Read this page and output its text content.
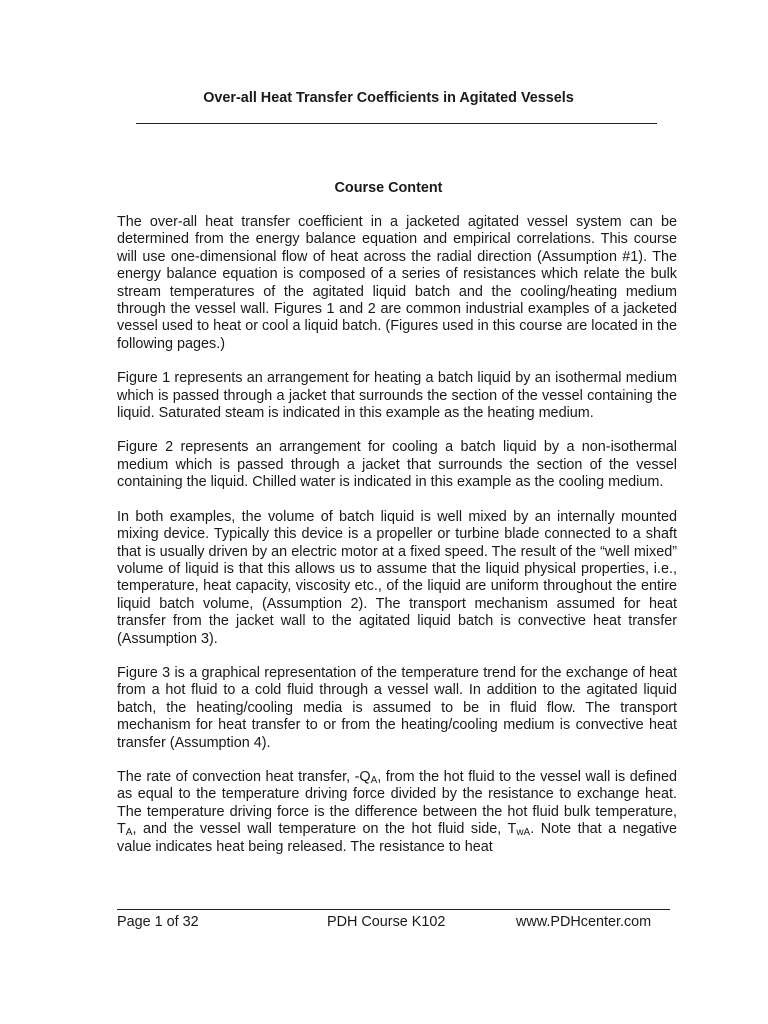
Over-all Heat Transfer Coefficients in Agitated Vessels
Course Content

The over-all heat transfer coefficient in a jacketed agitated vessel system can be determined from the energy balance equation and empirical correlations. This course will use one-dimensional flow of heat across the radial direction (Assumption #1). The energy balance equation is composed of a series of resistances which relate the bulk stream temperatures of the agitated liquid batch and the cooling/heating medium through the vessel wall. Figures 1 and 2 are common industrial examples of a jacketed vessel used to heat or cool a liquid batch. (Figures used in this course are located in the following pages.)

Figure 1 represents an arrangement for heating a batch liquid by an isothermal medium which is passed through a jacket that surrounds the section of the vessel containing the liquid. Saturated steam is indicated in this example as the heating medium.

Figure 2 represents an arrangement for cooling a batch liquid by a non-isothermal medium which is passed through a jacket that surrounds the section of the vessel containing the liquid. Chilled water is indicated in this example as the cooling medium.

In both examples, the volume of batch liquid is well mixed by an internally mounted mixing device. Typically this device is a propeller or turbine blade connected to a shaft that is usually driven by an electric motor at a fixed speed. The result of the “well mixed” volume of liquid is that this allows us to assume that the liquid physical properties, i.e., temperature, heat capacity, viscosity etc., of the liquid are uniform throughout the entire liquid batch volume, (Assumption 2). The transport mechanism assumed for heat transfer from the jacket wall to the agitated liquid batch is convective heat transfer (Assumption 3).

Figure 3 is a graphical representation of the temperature trend for the exchange of heat from a hot fluid to a cold fluid through a vessel wall. In addition to the agitated liquid batch, the heating/cooling media is assumed to be in fluid flow. The transport mechanism for heat transfer to or from the heating/cooling medium is convective heat transfer (Assumption 4).

The rate of convection heat transfer, $-Q_A$, from the hot fluid to the vessel wall is defined as equal to the temperature driving force divided by the resistance to exchange heat. The temperature driving force is the difference between the hot fluid bulk temperature, $T_A$, and the vessel wall temperature on the hot fluid side, $T_{wA}$. Note that a negative value indicates heat being released. The resistance to heat

Page 1 of 32	PDH Course K102	www.PDHcenter.com
